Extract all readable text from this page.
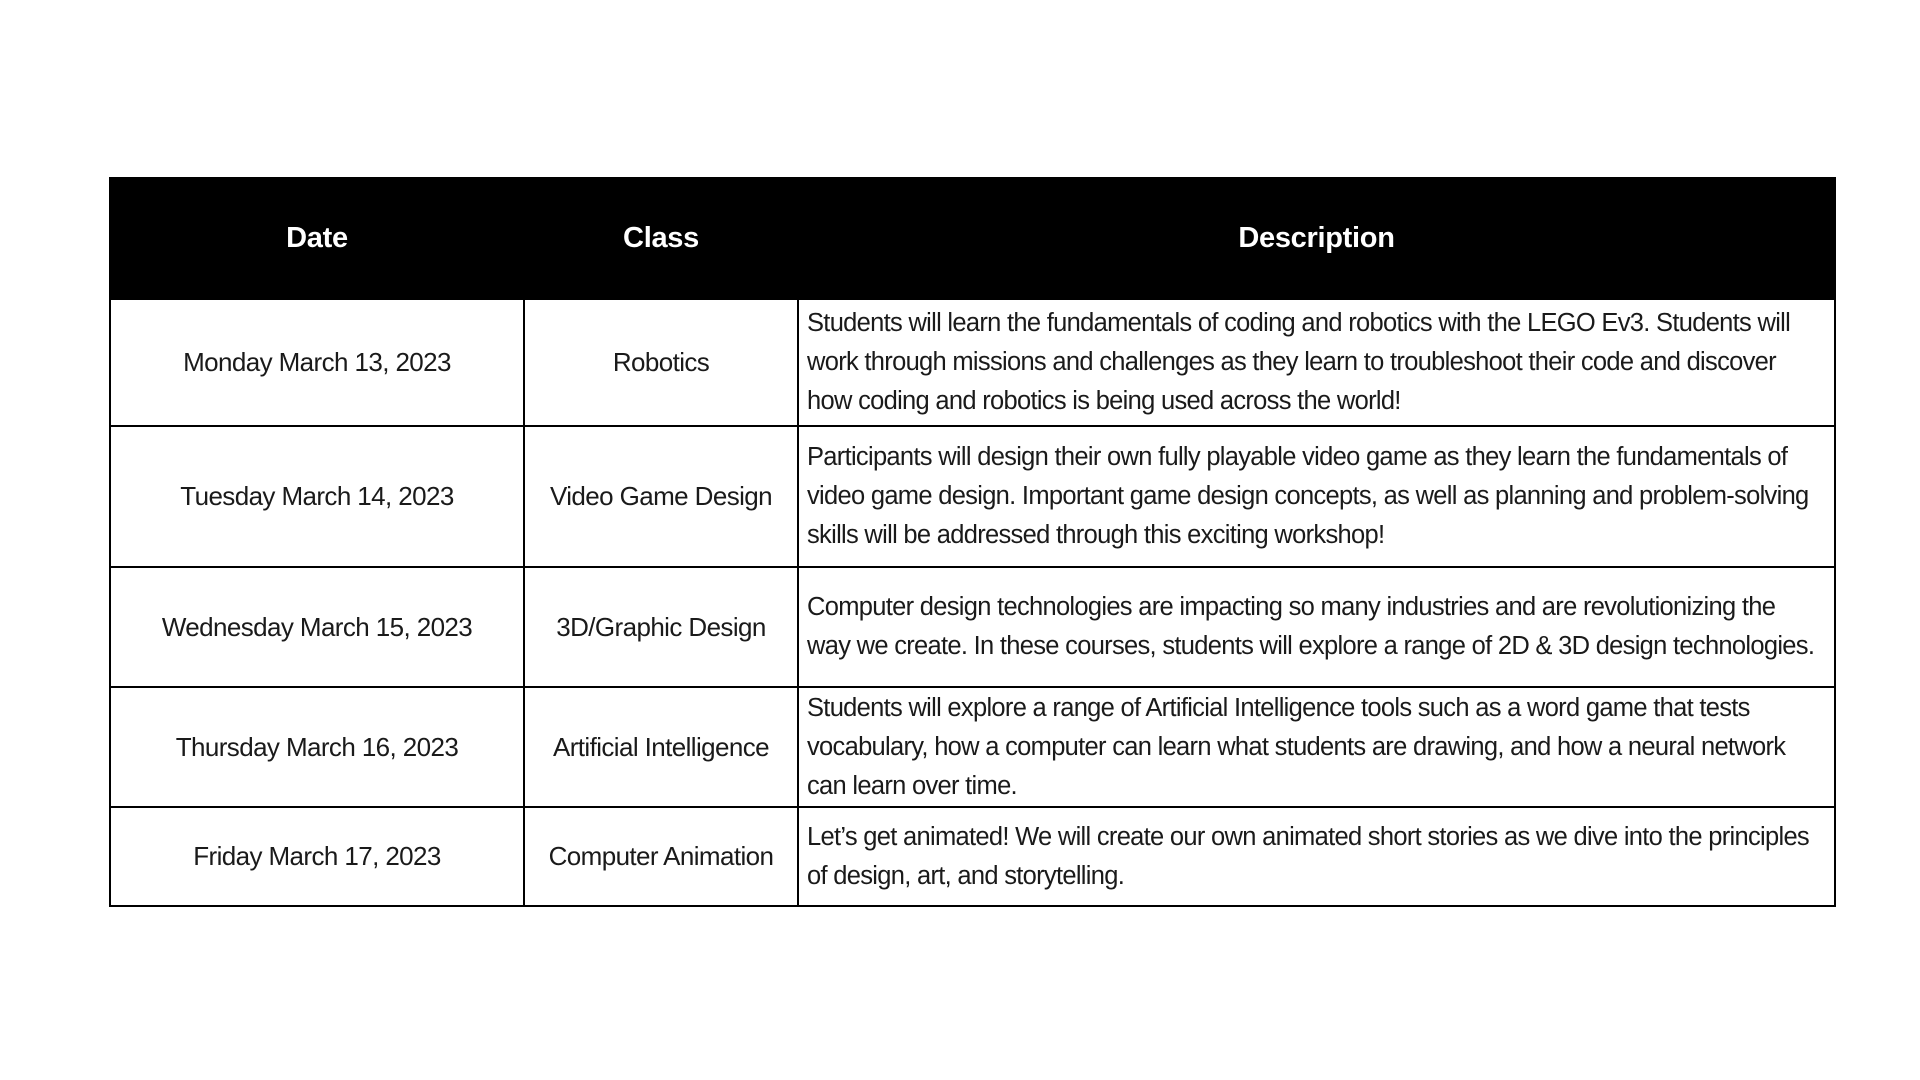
Date	Class	Description
Monday March 13, 2023	Robotics	Students will learn the fundamentals of coding and robotics with the LEGO Ev3. Students will work through missions and challenges as they learn to troubleshoot their code and discover how coding and robotics is being used across the world!
Tuesday March 14, 2023	Video Game Design	Participants will design their own fully playable video game as they learn the fundamentals of video game design. Important game design concepts, as well as planning and problem-solving skills will be addressed through this exciting workshop!
Wednesday March 15, 2023	3D/Graphic Design	Computer design technologies are impacting so many industries and are revolutionizing the way we create. In these courses, students will explore a range of 2D & 3D design technologies.
Thursday March 16, 2023	Artificial Intelligence	Students will explore a range of Artificial Intelligence tools such as a word game that tests vocabulary, how a computer can learn what students are drawing, and how a neural network can learn over time.
Friday March 17, 2023	Computer Animation	Let’s get animated! We will create our own animated short stories as we dive into the principles of design, art, and storytelling.
